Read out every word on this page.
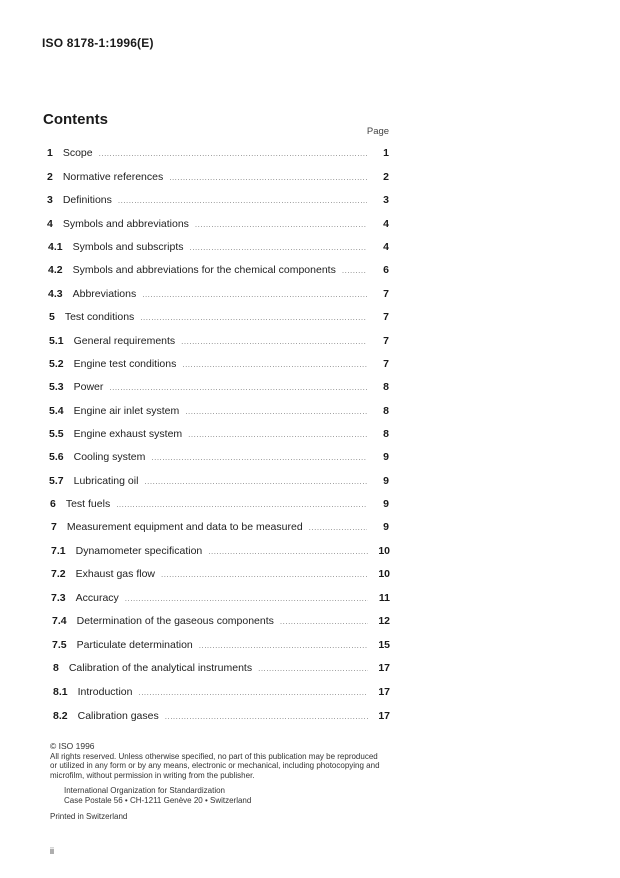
ISO 8178-1:1996(E)
Contents
Page
1 Scope .....	1
2 Normative references .....	2
3 Definitions .....	3
4 Symbols and abbreviations .....	4
4.1 Symbols and subscripts .....	4
4.2 Symbols and abbreviations for the chemical components .....	6
4.3 Abbreviations .....	7
5 Test conditions .....	7
5.1 General requirements .....	7
5.2 Engine test conditions .....	7
5.3 Power .....	8
5.4 Engine air inlet system .....	8
5.5 Engine exhaust system .....	8
5.6 Cooling system .....	9
5.7 Lubricating oil .....	9
6 Test fuels .....	9
7 Measurement equipment and data to be measured .....	9
7.1 Dynamometer specification .....	10
7.2 Exhaust gas flow .....	10
7.3 Accuracy .....	11
7.4 Determination of the gaseous components .....	12
7.5 Particulate determination .....	15
8 Calibration of the analytical instruments .....	17
8.1 Introduction .....	17
8.2 Calibration gases .....	17

© ISO 1996

All rights reserved. Unless otherwise specified, no part of this publication may be reproduced

or utilized in any form or by any means, electronic or mechanical, including photocopying and

microfilm, without permission in writing from the publisher.

International Organization for Standardization

Case Postale 56 • CH-1211 Genève 20 • Switzerland

Printed in Switzerland

ii
